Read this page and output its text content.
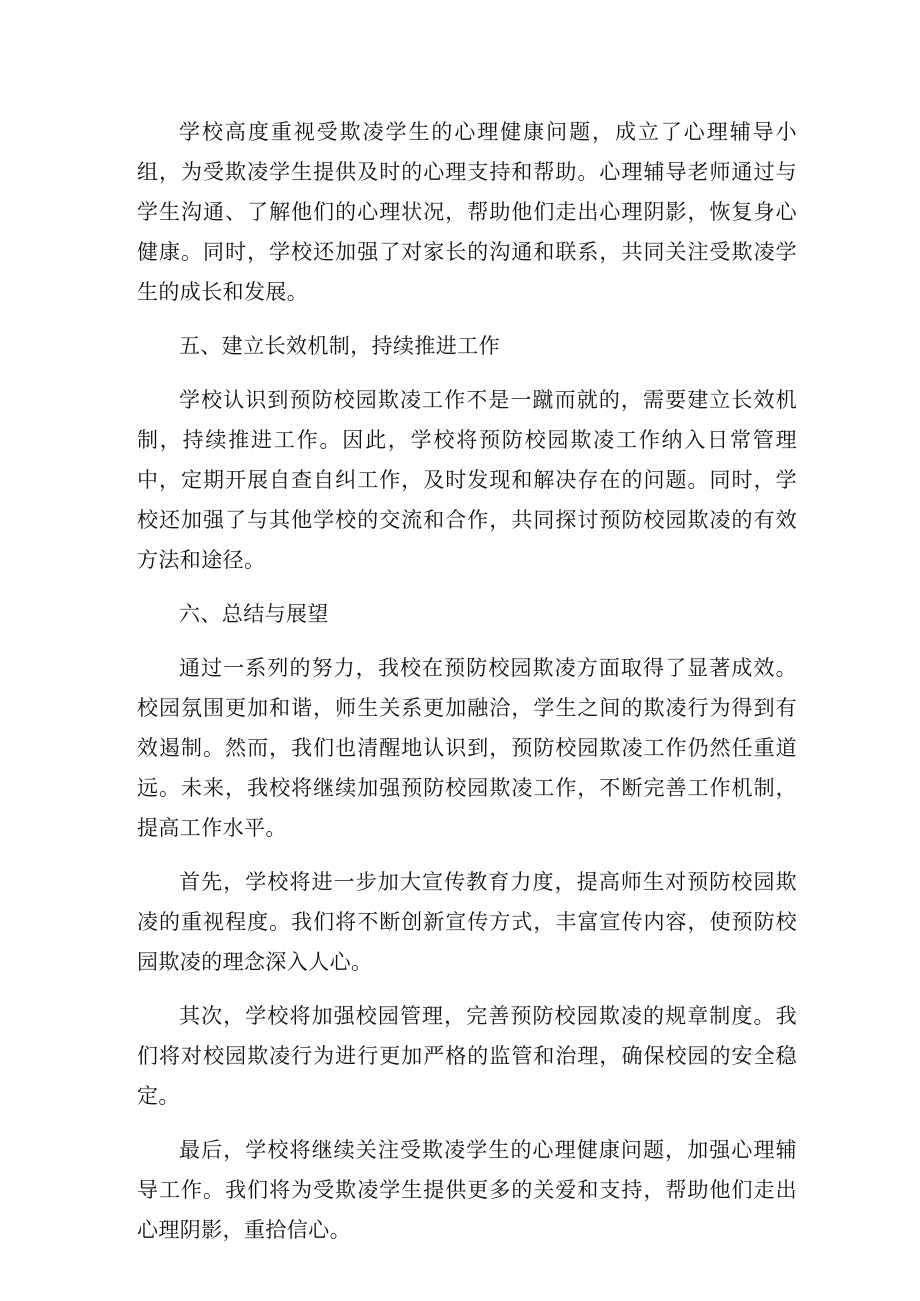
学校高度重视受欺凌学生的心理健康问题，成立了心理辅导小组，为受欺凌学生提供及时的心理支持和帮助。心理辅导老师通过与学生沟通、了解他们的心理状况，帮助他们走出心理阴影，恢复身心健康。同时，学校还加强了对家长的沟通和联系，共同关注受欺凌学生的成长和发展。

五、建立长效机制，持续推进工作

学校认识到预防校园欺凌工作不是一蹴而就的，需要建立长效机制，持续推进工作。因此，学校将预防校园欺凌工作纳入日常管理中，定期开展自查自纠工作，及时发现和解决存在的问题。同时，学校还加强了与其他学校的交流和合作，共同探讨预防校园欺凌的有效方法和途径。

六、总结与展望

通过一系列的努力，我校在预防校园欺凌方面取得了显著成效。校园氛围更加和谐，师生关系更加融洽，学生之间的欺凌行为得到有效遏制。然而，我们也清醒地认识到，预防校园欺凌工作仍然任重道远。未来，我校将继续加强预防校园欺凌工作，不断完善工作机制，提高工作水平。

首先，学校将进一步加大宣传教育力度，提高师生对预防校园欺凌的重视程度。我们将不断创新宣传方式，丰富宣传内容，使预防校园欺凌的理念深入人心。

其次，学校将加强校园管理，完善预防校园欺凌的规章制度。我们将对校园欺凌行为进行更加严格的监管和治理，确保校园的安全稳定。

最后，学校将继续关注受欺凌学生的心理健康问题，加强心理辅导工作。我们将为受欺凌学生提供更多的关爱和支持，帮助他们走出心理阴影，重拾信心。
